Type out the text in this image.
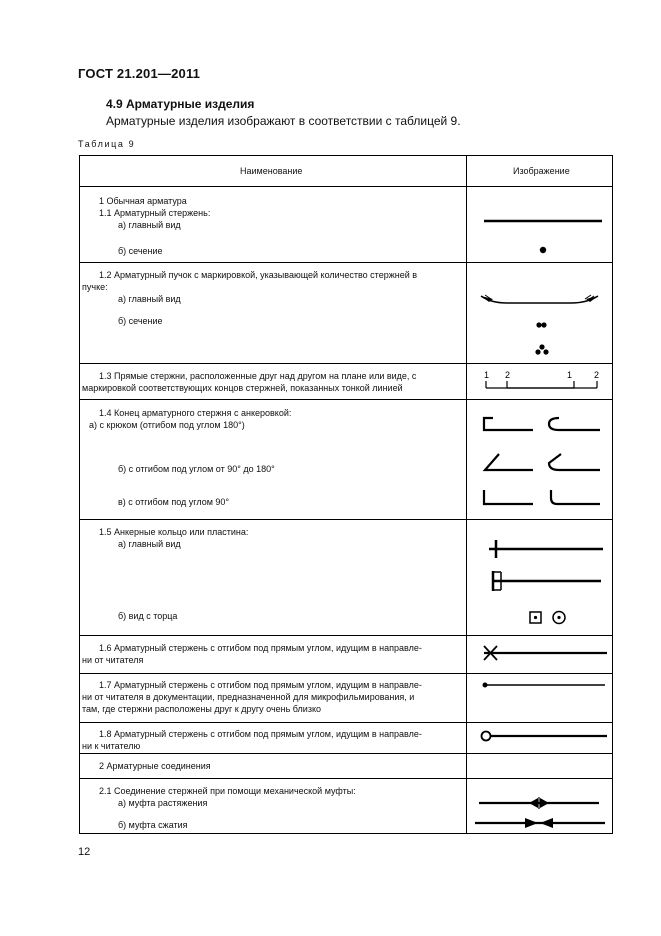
ГОСТ 21.201—2011
4.9 Арматурные изделия
Арматурные изделия изображают в соответствии с таблицей 9.
Таблица 9
Наименование	Изображение
1 Обычная арматура
1.1 Арматурный стержень:
а) главный вид
б) сечение
1.2 Арматурный пучок с маркировкой, указывающей количество стержней в
пучке:
а) главный вид
б) сечение
1.3 Прямые стержни, расположенные друг над другом на плане или виде, с
маркировкой соответствующих концов стержней, показанных тонкой линией
1 2	1 2
1.4 Конец арматурного стержня с анкеровкой:
а) с крюком (отгибом под углом 180°)
б) с отгибом под углом от 90° до 180°
в) с отгибом под углом 90°
1.5 Анкерные кольцо или пластина:
а) главный вид
б) вид с торца
1.6 Арматурный стержень с отгибом под прямым углом, идущим в направле-
ни от читателя
1.7 Арматурный стержень с отгибом под прямым углом, идущим в направле-
ни от читателя в документации, предназначенной для микрофильмирования, и
там, где стержни расположены друг к другу очень близко
1.8 Арматурный стержень с отгибом под прямым углом, идущим в направле-
ни к читателю
2 Арматурные соединения
2.1 Соединение стержней при помощи механической муфты:
а) муфта растяжения
б) муфта сжатия
12
